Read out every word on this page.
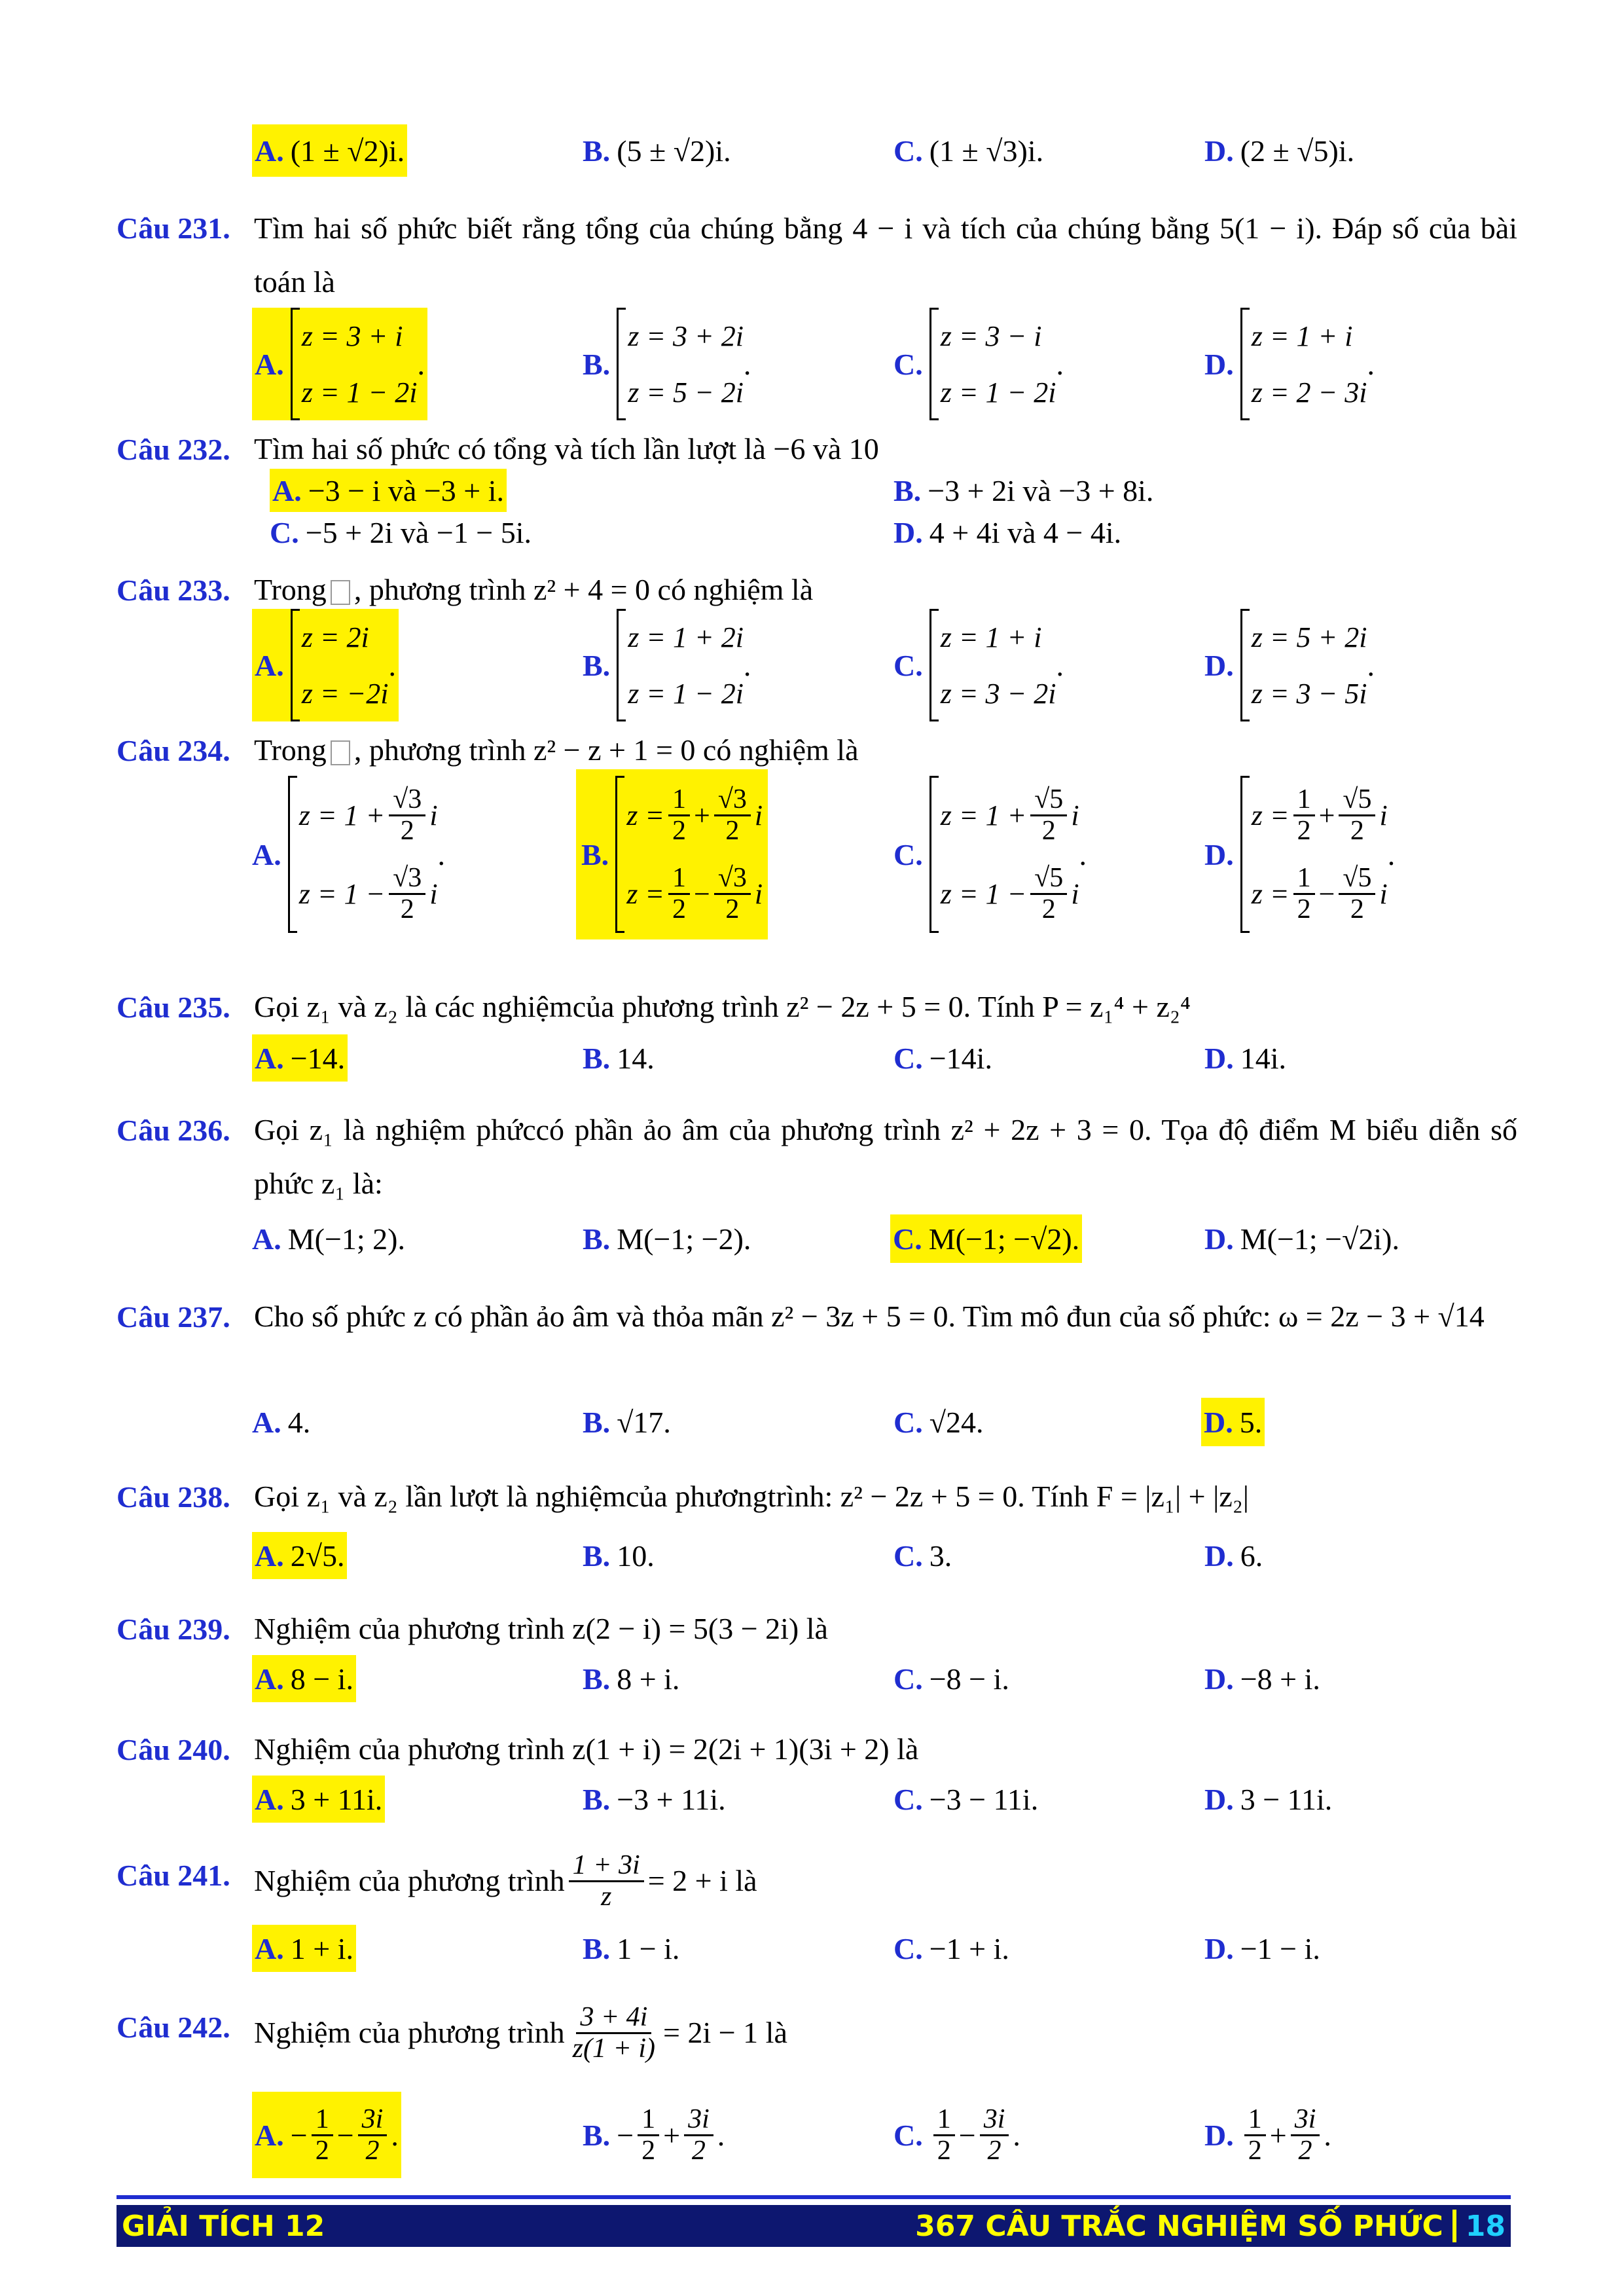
A. (1 ± √2)i.	B. (5 ± √2)i.	C. (1 ± √3)i.	D. (2 ± √5)i.
Câu 231. Tìm hai số phức biết rằng tổng của chúng bằng 4 − i và tích của chúng bằng 5(1 − i). Đáp số của bài toán là
A.
z = 3 + i
z = 1 − 2i
.	B.
z = 3 + 2i
z = 5 − 2i
.	C.
z = 3 − i
z = 1 − 2i
.	D.
z = 1 + i
z = 2 − 3i
.
Câu 232. Tìm hai số phức có tổng và tích lần lượt là −6 và 10
A. −3 − i và −3 + i.	B. −3 + 2i và −3 + 8i.
C. −5 + 2i và −1 − 5i.	D. 4 + 4i và 4 − 4i.
Câu 233. Trong , phương trình z² + 4 = 0 có nghiệm là
A.
z = 2i
z = −2i
.	B.
z = 1 + 2i
z = 1 − 2i
.	C.
z = 1 + i
z = 3 − 2i
.	D.
z = 5 + 2i
z = 3 − 5i
.
Câu 234. Trong , phương trình z² − z + 1 = 0 có nghiệm là
A.
$z = 1 + \frac{√3}{2}$ i
$z = 1 - \frac{√3}{2}$ i
.	B.
$z = \frac{1}{2} + \frac{√3}{2}$ i
$z = \frac{1}{2} - \frac{√3}{2}$ i
C.
$z = 1 + \frac{√5}{2}$ i
$z = 1 - \frac{√5}{2}$ i
.	D.
$z = \frac{1}{2} + \frac{√5}{2}$ i
$z = \frac{1}{2} - \frac{√5}{2}$ i
.
Câu 235. Gọi z₁ và z₂ là các nghiệmcủa phương trình z² − 2z + 5 = 0. Tính P = z₁⁴ + z₂⁴
A. −14.	B. 14.	C. −14i.	D. 14i.
Câu 236. Gọi z₁ là nghiệm phứccó phần ảo âm của phương trình z² + 2z + 3 = 0. Tọa độ điểm M biểu diễn số phức z₁ là:
A. M(−1; 2).	B. M(−1; −2).	C. M(−1; −√2).	D. M(−1; −√2i).
Câu 237. Cho số phức z có phần ảo âm và thỏa mãn z² − 3z + 5 = 0. Tìm mô đun của số phức: ω = 2z − 3 + √14
A. 4.	B. √17.	C. √24.	D. 5.
Câu 238. Gọi z₁ và z₂ lần lượt là nghiệmcủa phươngtrình: z² − 2z + 5 = 0. Tính F = |z₁| + |z₂|
A. 2√5.	B. 10.	C. 3.	D. 6.
Câu 239. Nghiệm của phương trình z(2 − i) = 5(3 − 2i) là
A. 8 − i.	B. 8 + i.	C. −8 − i.	D. −8 + i.
Câu 240. Nghiệm của phương trình z(1 + i) = 2(2i + 1)(3i + 2) là
A. 3 + 11i.	B. −3 + 11i.	C. −3 − 11i.	D. 3 − 11i.
Câu 241. Nghiệm của phương trình $\frac{1 + 3i}{z} = 2 + i$ là
A. 1 + i.	B. 1 − i.	C. −1 + i.	D. −1 − i.
Câu 242. Nghiệm của phương trình $\frac{3 + 4i}{z(1 + i)} = 2i - 1$ là
A. − $\frac{1}{2} - \frac{3i}{2}$ .	B. − $\frac{1}{2} + \frac{3i}{2}$ .	C. $\frac{1}{2} - \frac{3i}{2}$ .	D. $\frac{1}{2} + \frac{3i}{2}$ .
GIẢI TÍCH 12	367 CÂU TRẮC NGHIỆM SỐ PHỨC 18
